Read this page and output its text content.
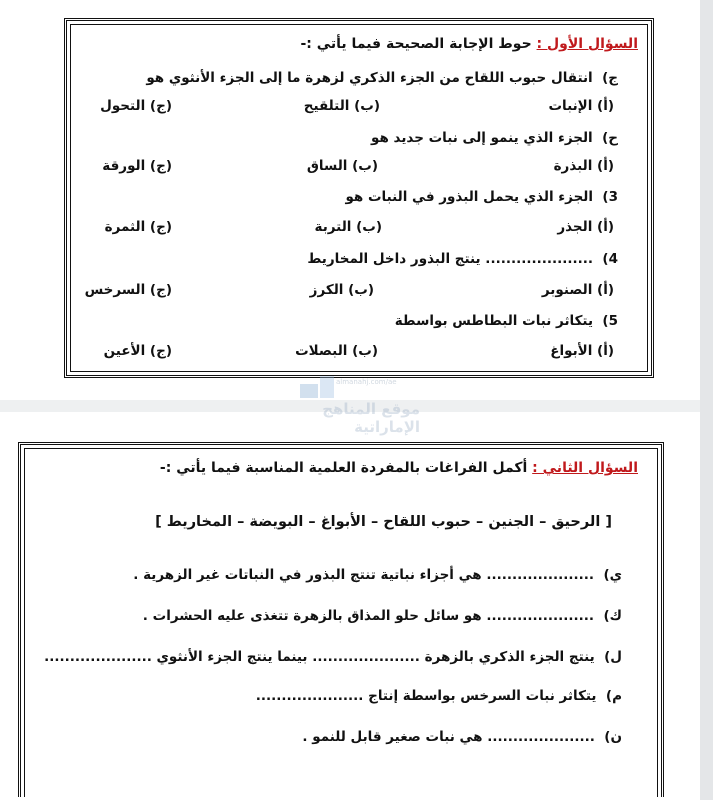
السؤال الأول : حوط الإجابة الصحيحة فيما يأتي :-
ج)  انتقال حبوب اللقاح من الجزء الذكري لزهرة ما إلى الجزء الأنثوي هو
(أ) الإنبات
(ب) التلقيح
(ج) التحول
ح)  الجزء الذي ينمو إلى نبات جديد هو
(أ) البذرة
(ب) الساق
(ج) الورقة
3)  الجزء الذي يحمل البذور في النبات هو
(أ) الجذر
(ب) التربة
(ج) الثمرة
4)  ..................... ينتج البذور داخل المخاريط
(أ) الصنوبر
(ب) الكرز
(ج) السرخس
5)  يتكاثر نبات البطاطس بواسطة
(أ) الأبواغ
(ب) البصلات
(ج) الأعين
السؤال الثاني : أكمل الفراغات بالمفردة العلمية المناسبة فيما يأتي :-
[ الرحيق – الجنين – حبوب اللقاح – الأبواغ – البويضة – المخاريط ]
ي)  ..................... هي أجزاء نباتية تنتج البذور في النباتات غير الزهرية .
ك)  ..................... هو سائل حلو المذاق بالزهرة تتغذى عليه الحشرات .
ل)  ينتج الجزء الذكري بالزهرة ..................... بينما ينتج الجزء الأنثوي .....................
م)  يتكاثر نبات السرخس بواسطة إنتاج .....................
ن)  ..................... هي نبات صغير قابل للنمو .
almanahj.com/ae
موقع المناهج الإماراتية
